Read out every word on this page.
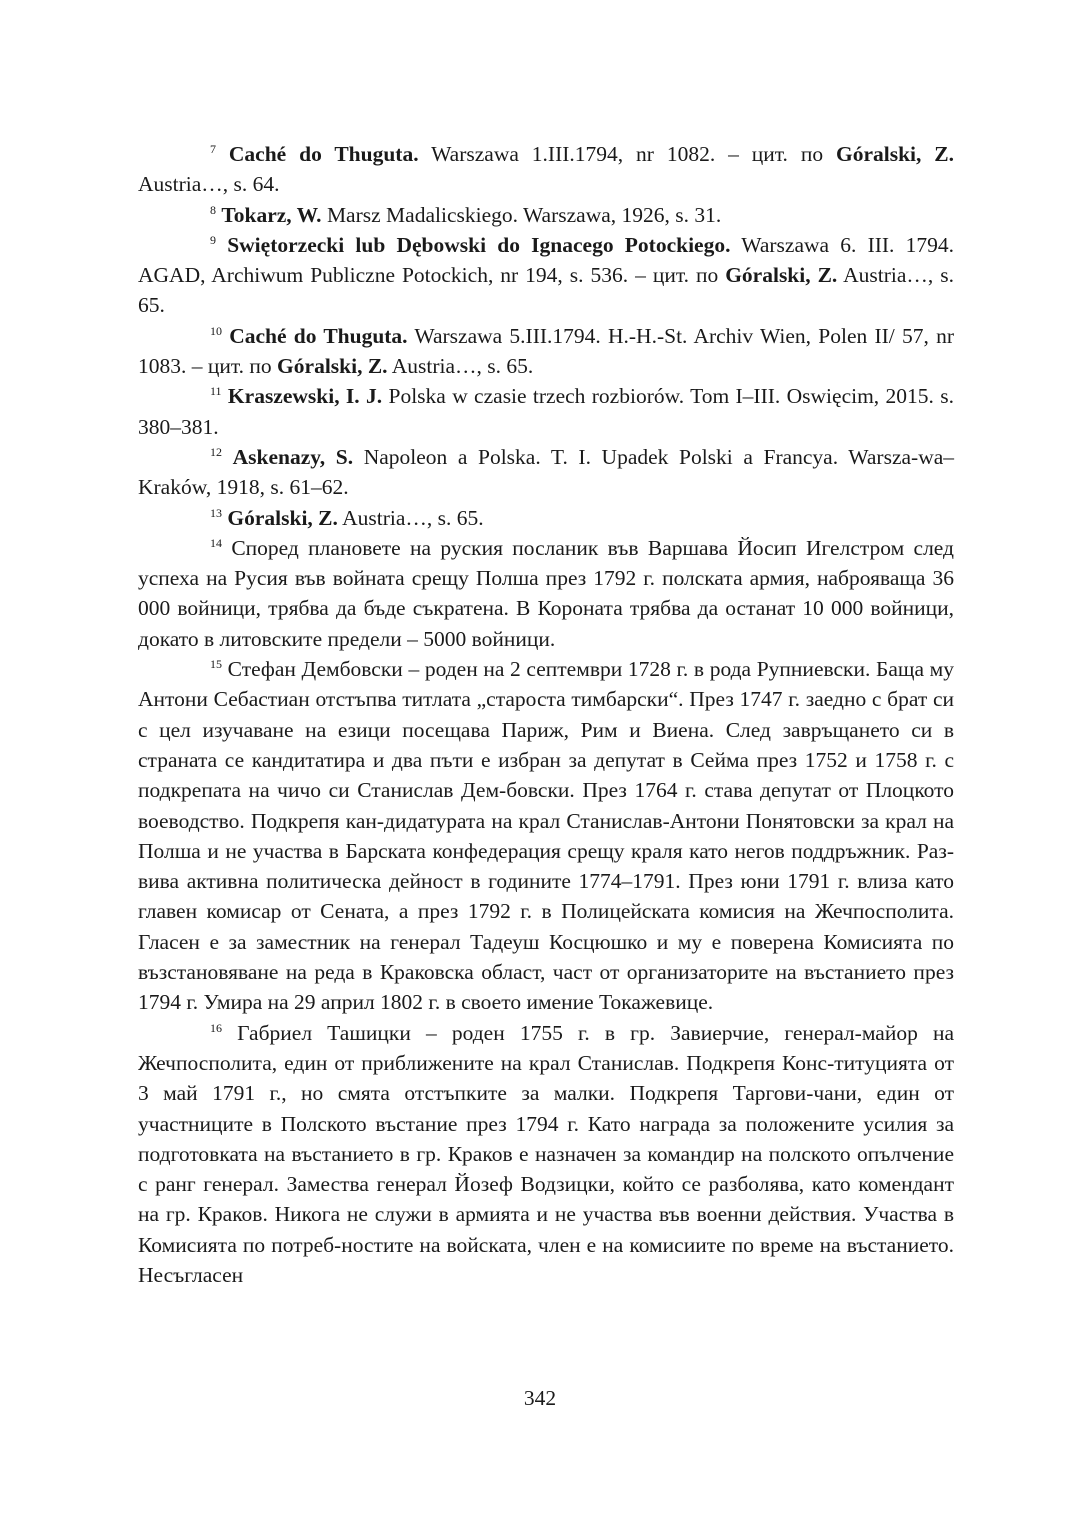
$^7$ Caché do Thuguta. Warszawa 1.III.1794, nr 1082. – цит. по Góralski, Z. Austria…, s. 64.

$^8$ Tokarz, W. Marsz Madalicskiego. Warszawa, 1926, s. 31.

$^9$ Swiętorzecki lub Dębowski do Ignacego Potockiego. Warszawa 6. III. 1794. AGAD, Archiwum Publiczne Potockich, nr 194, s. 536. – цит. по Góralski, Z. Austria…, s. 65.

$^{10}$ Caché do Thuguta. Warszawa 5.III.1794. H.-H.-St. Archiv Wien, Polen II/ 57, nr 1083. – цит. по Góralski, Z. Austria…, s. 65.

$^{11}$ Kraszewski, I. J. Polska w czasie trzech rozbiorów. Tom I–III. Oswięcim, 2015. s. 380–381.

$^{12}$ Askenazy, S. Napoleon a Polska. T. I. Upadek Polski a Francya. Warsza-wa–Kraków, 1918, s. 61–62.

$^{13}$ Góralski, Z. Austria…, s. 65.

$^{14}$ Според плановете на руския посланик във Варшава Йосип Игелстром след успеха на Русия във войната срещу Полша през 1792 г. полската армия, наброяваща 36 000 войници, трябва да бъде съкратена. В Короната трябва да останат 10 000 войници, докато в литовските предели – 5000 войници.

$^{15}$ Стефан Дембовски – роден на 2 септември 1728 г. в рода Рупниевски. Баща му Антони Себастиан отстъпва титлата „староста тимбарски“. През 1747 г. заедно с брат си с цел изучаване на езици посещава Париж, Рим и Виена. След завръщането си в страната се кандитатира и два пъти е избран за депутат в Сейма през 1752 и 1758 г. с подкрепата на чичо си Станислав Дем-бовски. През 1764 г. става депутат от Плоцкото воеводство. Подкрепя кан-дидатурата на крал Станислав-Антони Понятовски за крал на Полша и не участва в Барската конфедерация срещу краля като негов поддръжник. Раз-вива активна политическа дейност в годините 1774–1791. През юни 1791 г. влиза като главен комисар от Сената, а през 1792 г. в Полицейската комисия на Жечпосполита. Гласен е за заместник на генерал Тадеуш Косцюшко и му е поверена Комисията по възстановяване на реда в Краковска област, част от организаторите на въстанието през 1794 г. Умира на 29 април 1802 г. в своето имение Токажевице.

$^{16}$ Габриел Ташицки – роден 1755 г. в гр. Завиерчие, генерал-майор на Жечпосполита, един от приближените на крал Станислав. Подкрепя Конс-титуцията от 3 май 1791 г., но смята отстъпките за малки. Подкрепя Таргови-чани, един от участниците в Полското въстание през 1794 г. Като награда за положените усилия за подготовката на въстанието в гр. Краков е назначен за командир на полското опълчение с ранг генерал. Замества генерал Йозеф Водзицки, който се разболява, като комендант на гр. Краков. Никога не служи в армията и не участва във военни действия. Участва в Комисията по потреб-ностите на войската, член е на комисиите по време на въстанието. Несъгласен

342
